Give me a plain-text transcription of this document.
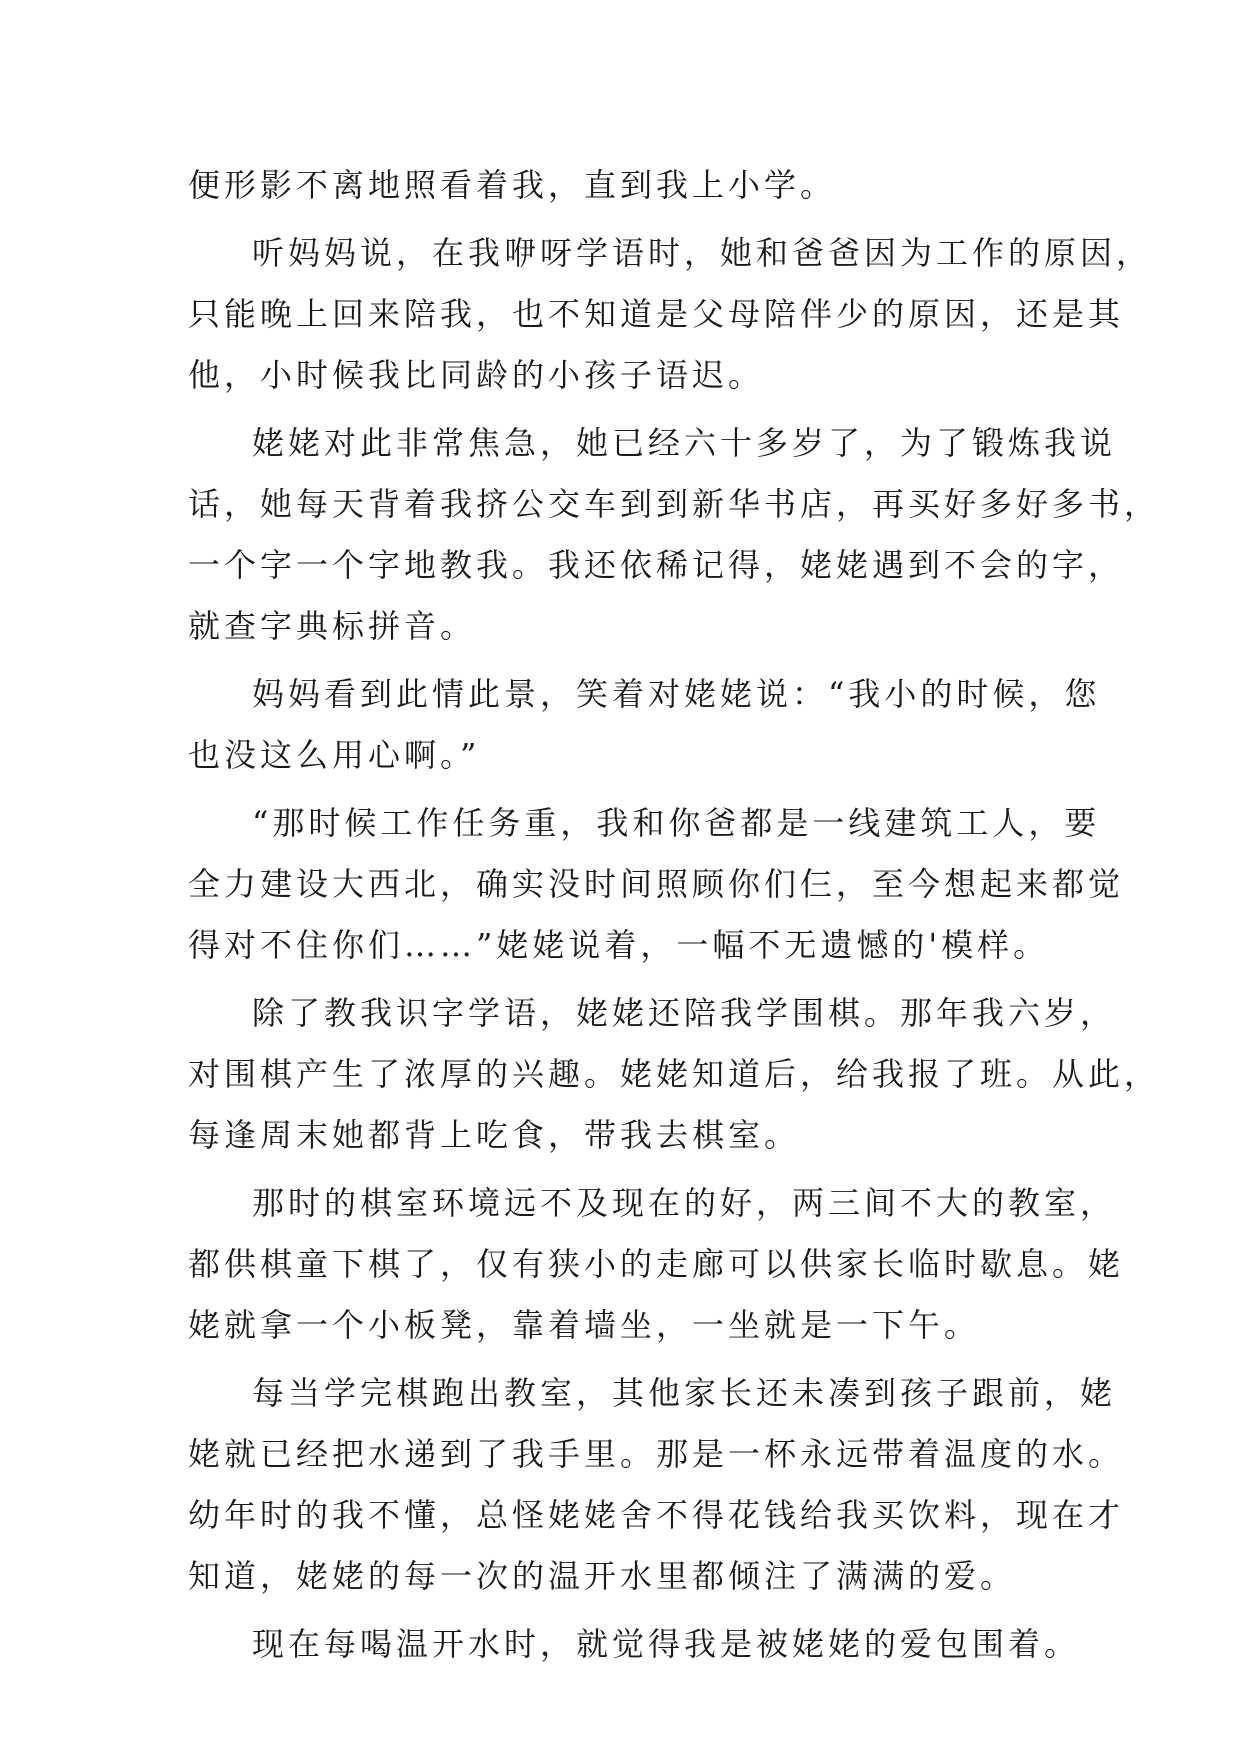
便形影不离地照看着我，直到我上小学。
听妈妈说，在我咿呀学语时，她和爸爸因为工作的原因，
只能晚上回来陪我，也不知道是父母陪伴少的原因，还是其
他，小时候我比同龄的小孩子语迟。
姥姥对此非常焦急，她已经六十多岁了，为了锻炼我说
话，她每天背着我挤公交车到到新华书店，再买好多好多书，
一个字一个字地教我。我还依稀记得，姥姥遇到不会的字，
就查字典标拼音。
妈妈看到此情此景，笑着对姥姥说：“我小的时候，您
也没这么用心啊。”
“那时候工作任务重，我和你爸都是一线建筑工人，要
全力建设大西北，确实没时间照顾你们仨，至今想起来都觉
得对不住你们……”姥姥说着，一幅不无遗憾的'模样。
除了教我识字学语，姥姥还陪我学围棋。那年我六岁，
对围棋产生了浓厚的兴趣。姥姥知道后，给我报了班。从此，
每逢周末她都背上吃食，带我去棋室。
那时的棋室环境远不及现在的好，两三间不大的教室，
都供棋童下棋了，仅有狭小的走廊可以供家长临时歇息。姥
姥就拿一个小板凳，靠着墙坐，一坐就是一下午。
每当学完棋跑出教室，其他家长还未凑到孩子跟前，姥
姥就已经把水递到了我手里。那是一杯永远带着温度的水。
幼年时的我不懂，总怪姥姥舍不得花钱给我买饮料，现在才
知道，姥姥的每一次的温开水里都倾注了满满的爱。
现在每喝温开水时，就觉得我是被姥姥的爱包围着。
